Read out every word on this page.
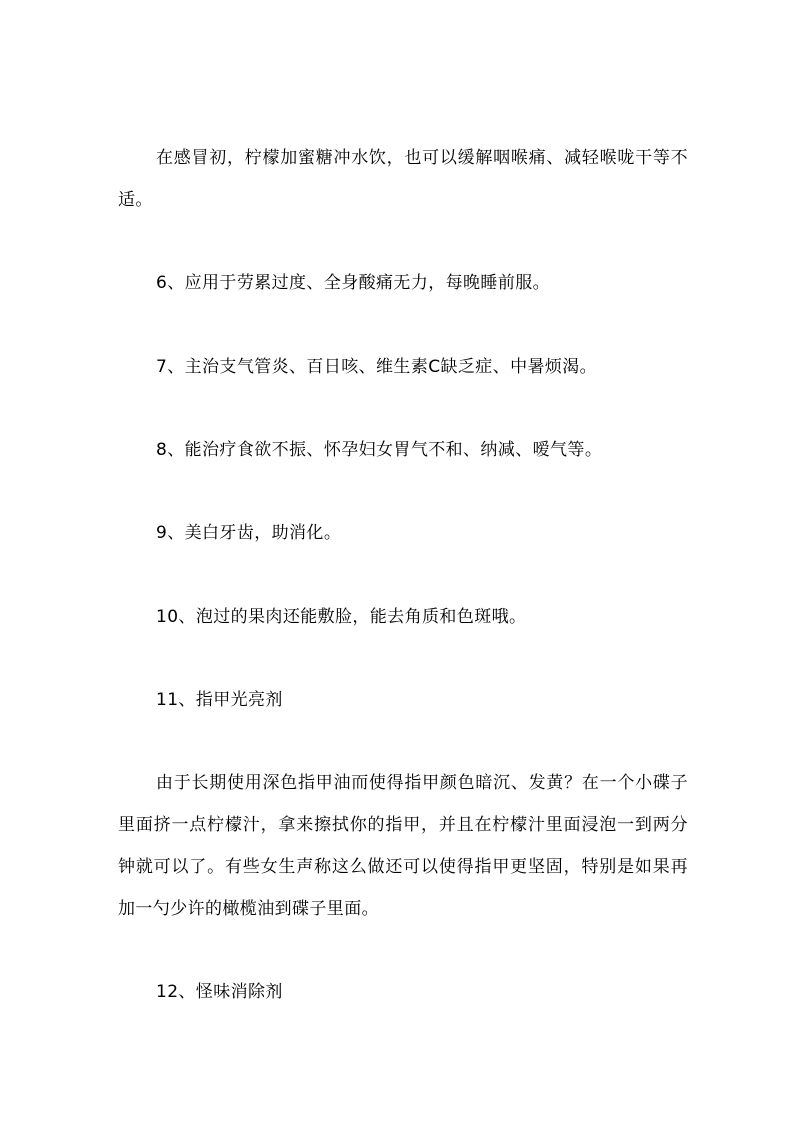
在感冒初，柠檬加蜜糖冲水饮，也可以缓解咽喉痛、减轻喉咙干等不适。

6、应用于劳累过度、全身酸痛无力，每晚睡前服。

7、主治支气管炎、百日咳、维生素C缺乏症、中暑烦渴。

8、能治疗食欲不振、怀孕妇女胃气不和、纳减、嗳气等。

9、美白牙齿，助消化。

10、泡过的果肉还能敷脸，能去角质和色斑哦。

11、指甲光亮剂

由于长期使用深色指甲油而使得指甲颜色暗沉、发黄？在一个小碟子里面挤一点柠檬汁，拿来擦拭你的指甲，并且在柠檬汁里面浸泡一到两分钟就可以了。有些女生声称这么做还可以使得指甲更坚固，特别是如果再加一勺少许的橄榄油到碟子里面。

12、怪味消除剂
